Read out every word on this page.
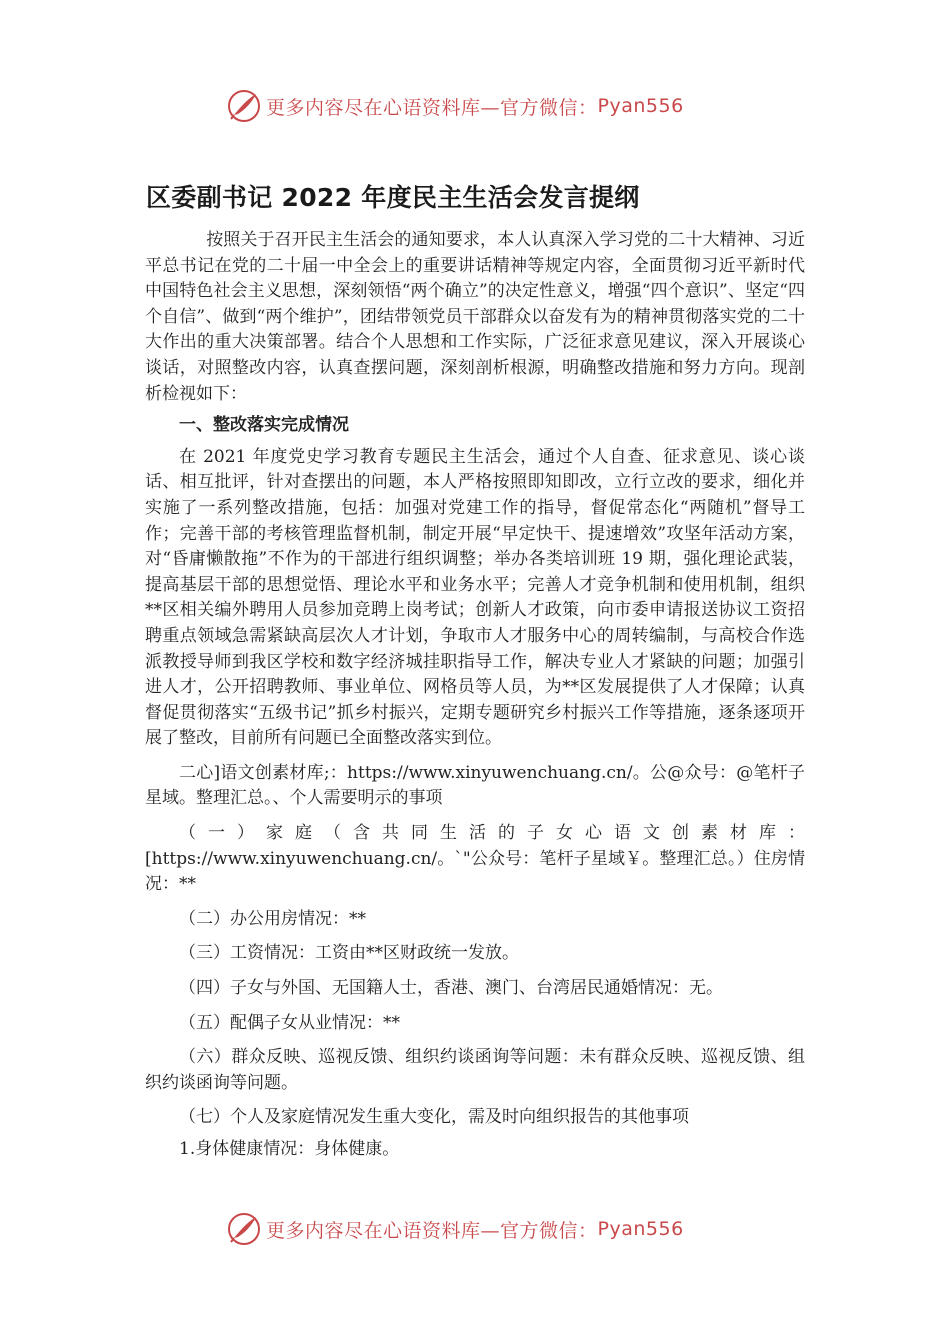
更多内容尽在心语资料库—官方微信： Pyan556
区委副书记 2022 年度民主生活会发言提纲

按照关于召开民主生活会的通知要求，本人认真深入学习党的二十大精神、习近平总书记在党的二十届一中全会上的重要讲话精神等规定内容，全面贯彻习近平新时代中国特色社会主义思想，深刻领悟“两个确立”的决定性意义，增强“四个意识”、坚定“四个自信”、做到“两个维护”，团结带领党员干部群众以奋发有为的精神贯彻落实党的二十大作出的重大决策部署。结合个人思想和工作实际，广泛征求意见建议，深入开展谈心谈话，对照整改内容，认真查摆问题，深刻剖析根源，明确整改措施和努力方向。现剖析检视如下：

一、整改落实完成情况

在 2021 年度党史学习教育专题民主生活会，通过个人自查、征求意见、谈心谈话、相互批评，针对查摆出的问题，本人严格按照即知即改，立行立改的要求，细化并实施了一系列整改措施，包括：加强对党建工作的指导，督促常态化“两随机”督导工作；完善干部的考核管理监督机制，制定开展“早定快干、提速增效”攻坚年活动方案，对“昏庸懒散拖”不作为的干部进行组织调整；举办各类培训班 19 期，强化理论武装，提高基层干部的思想觉悟、理论水平和业务水平；完善人才竞争机制和使用机制，组织**区相关编外聘用人员参加竞聘上岗考试；创新人才政策，向市委申请报送协议工资招聘重点领域急需紧缺高层次人才计划，争取市人才服务中心的周转编制，与高校合作选派教授导师到我区学校和数字经济城挂职指导工作，解决专业人才紧缺的问题；加强引进人才，公开招聘教师、事业单位、网格员等人员，为**区发展提供了人才保障；认真督促贯彻落实“五级书记”抓乡村振兴，定期专题研究乡村振兴工作等措施，逐条逐项开展了整改，目前所有问题已全面整改落实到位。

二心]语文创素材库;：https://www.xinyuwenchuang.cn/。公@众号：@笔杆子星域。整理汇总。、个人需要明示的事项

（一）家庭（含共同生活的子女心语文创素材库：[https://www.xinyuwenchuang.cn/。`"公众号：笔杆子星域￥。整理汇总。）住房情况：**

（二）办公用房情况：**

（三）工资情况：工资由**区财政统一发放。

（四）子女与外国、无国籍人士，香港、澳门、台湾居民通婚情况：无。

（五）配偶子女从业情况：**

（六）群众反映、巡视反馈、组织约谈函询等问题：未有群众反映、巡视反馈、组织约谈函询等问题。

（七）个人及家庭情况发生重大变化，需及时向组织报告的其他事项

1.身体健康情况：身体健康。

更多内容尽在心语资料库—官方微信： Pyan556
